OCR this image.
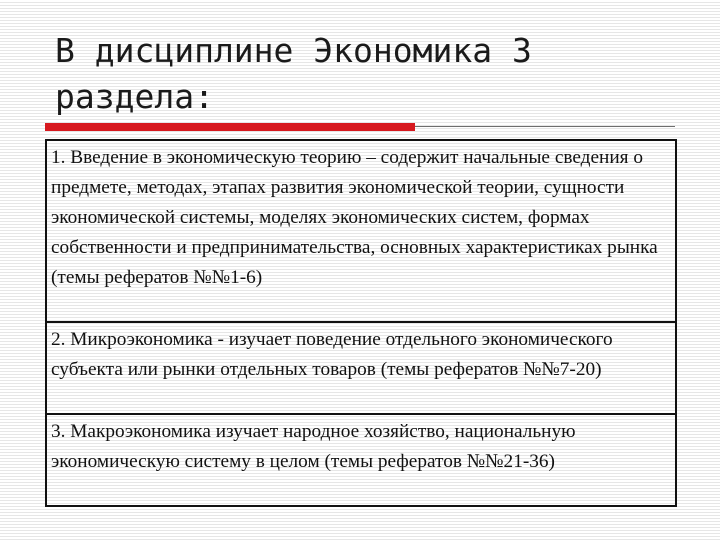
В дисциплине Экономика 3 раздела:
1. Введение в экономическую теорию – содержит начальные сведения о предмете, методах, этапах развития экономической теории, сущности экономической системы, моделях экономических систем, формах собственности и предпринимательства, основных характеристиках рынка (темы рефератов №№1-6)
2. Микроэкономика - изучает поведение отдельного экономического субъекта или рынки отдельных товаров (темы рефератов №№7-20)
3. Макроэкономика изучает народное хозяйство, национальную экономическую систему в целом (темы рефератов №№21-36)
